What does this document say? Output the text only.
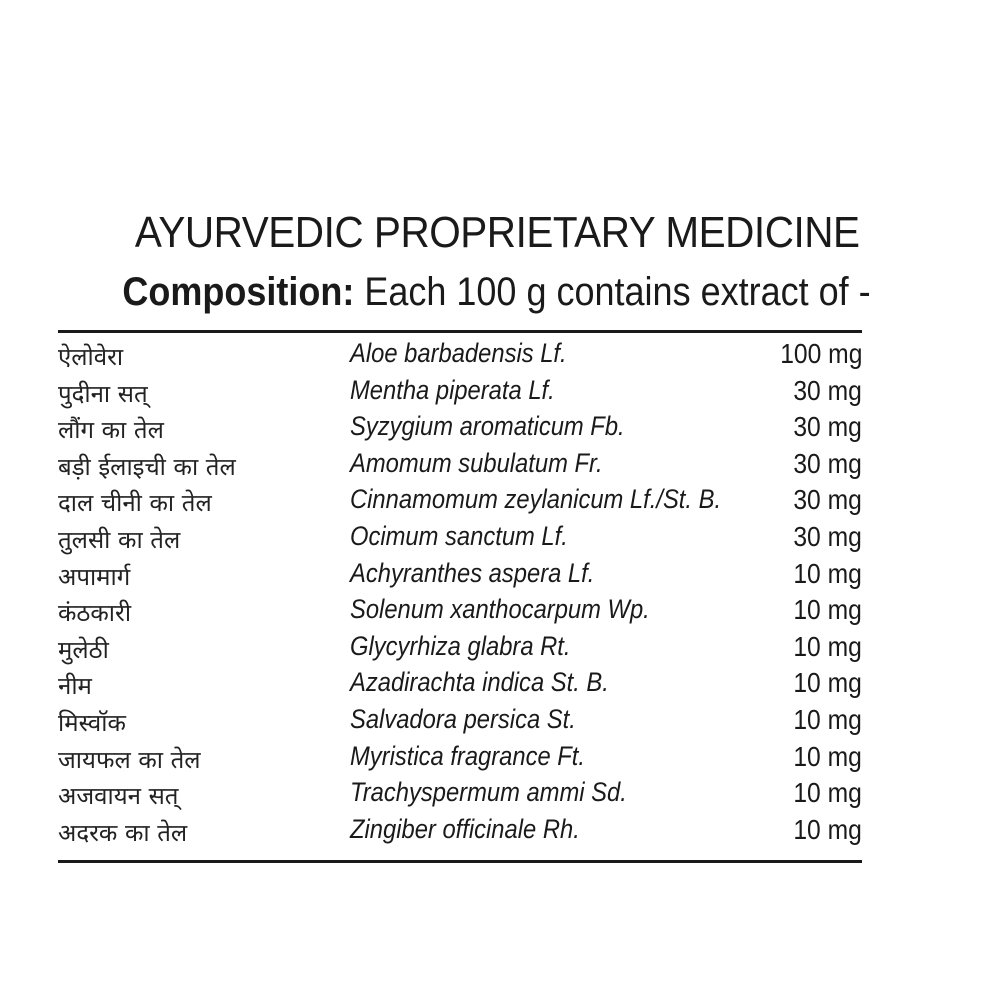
AYURVEDIC PROPRIETARY MEDICINE
Composition: Each 100 g contains extract of -
ऐलोवेरा	Aloe barbadensis Lf.	100 mg
पुदीना सत्	Mentha piperata Lf.	30 mg
लौंग का तेल	Syzygium aromaticum Fb.	30 mg
बड़ी ईलाइची का तेल	Amomum subulatum Fr.	30 mg
दाल चीनी का तेल	Cinnamomum zeylanicum Lf./St. B.	30 mg
तुलसी का तेल	Ocimum sanctum Lf.	30 mg
अपामार्ग	Achyranthes aspera Lf.	10 mg
कंठकारी	Solenum xanthocarpum Wp.	10 mg
मुलेठी	Glycyrhiza glabra Rt.	10 mg
नीम	Azadirachta indica St. B.	10 mg
मिस्वॉक	Salvadora persica St.	10 mg
जायफल का तेल	Myristica fragrance Ft.	10 mg
अजवायन सत्	Trachyspermum ammi Sd.	10 mg
अदरक का तेल	Zingiber officinale Rh.	10 mg
